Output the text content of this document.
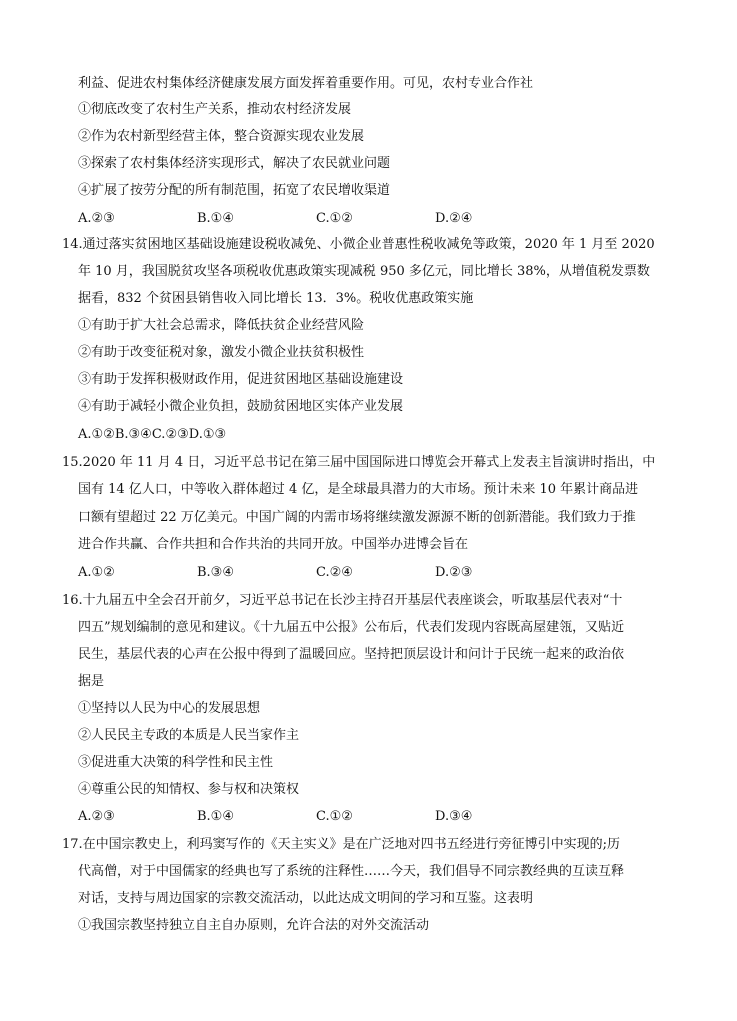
利益、促进农村集体经济健康发展方面发挥着重要作用。可见，农村专业合作社
①彻底改变了农村生产关系，推动农村经济发展
②作为农村新型经营主体，整合资源实现农业发展
③探索了农村集体经济实现形式，解决了农民就业问题
④扩展了按劳分配的所有制范围，拓宽了农民增收渠道
A.②③	B.①④	C.①②	D.②④
14.通过落实贫困地区基础设施建设税收减免、小微企业普惠性税收减免等政策，2020 年 1 月至 2020
年 10 月，我国脱贫攻坚各项税收优惠政策实现减税 950 多亿元，同比增长 38%，从增值税发票数
据看，832 个贫困县销售收入同比增长 13．3%。税收优惠政策实施
①有助于扩大社会总需求，降低扶贫企业经营风险
②有助于改变征税对象，激发小微企业扶贫积极性
③有助于发挥积极财政作用，促进贫困地区基础设施建设
④有助于减轻小微企业负担，鼓励贫困地区实体产业发展
A.①②B.③④C.②③D.①③
15.2020 年 11 月 4 日，习近平总书记在第三届中国国际进口博览会开幕式上发表主旨演讲时指出，中
国有 14 亿人口，中等收入群体超过 4 亿，是全球最具潜力的大市场。预计未来 10 年累计商品进
口额有望超过 22 万亿美元。中国广阔的内需市场将继续激发源源不断的创新潜能。我们致力于推
进合作共赢、合作共担和合作共治的共同开放。中国举办进博会旨在
A.①②	B.③④	C.②④	D.②③
16.十九届五中全会召开前夕，习近平总书记在长沙主持召开基层代表座谈会，听取基层代表对“十
四五”规划编制的意见和建议。《十九届五中公报》公布后，代表们发现内容既高屋建瓴，又贴近
民生，基层代表的心声在公报中得到了温暖回应。坚持把顶层设计和问计于民统一起来的政治依
据是
①坚持以人民为中心的发展思想
②人民民主专政的本质是人民当家作主
③促进重大决策的科学性和民主性
④尊重公民的知情权、参与权和决策权
A.②③	B.①④	C.①②	D.③④
17.在中国宗教史上，利玛窦写作的《天主实义》是在广泛地对四书五经进行旁征博引中实现的;历
代高僧，对于中国儒家的经典也写了系统的注释性……今天，我们倡导不同宗教经典的互读互释
对话，支持与周边国家的宗教交流活动，以此达成文明间的学习和互鉴。这表明
①我国宗教坚持独立自主自办原则，允许合法的对外交流活动
